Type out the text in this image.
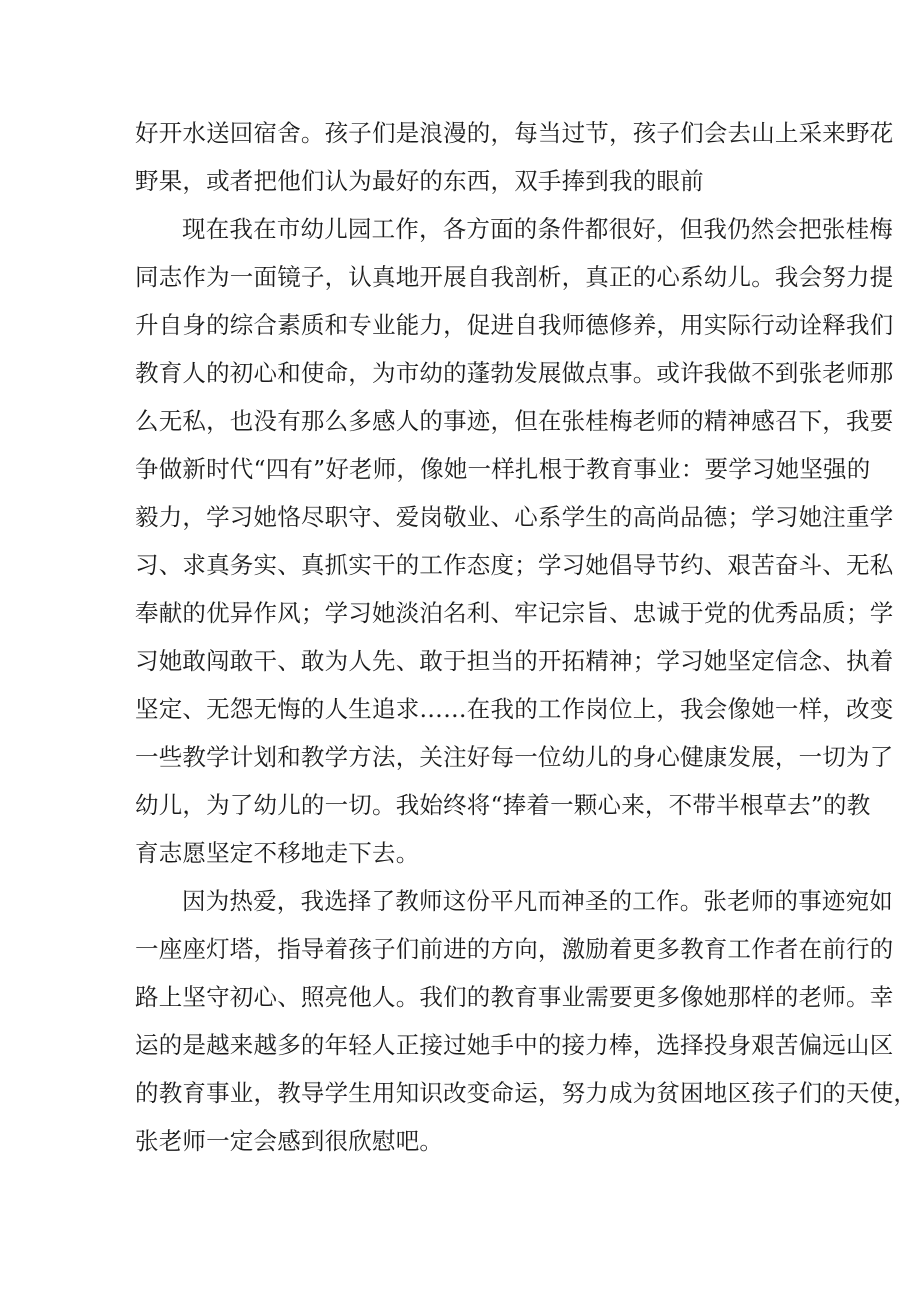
好开水送回宿舍。孩子们是浪漫的，每当过节，孩子们会去山上采来野花
野果，或者把他们认为最好的东西，双手捧到我的眼前
现在我在市幼儿园工作，各方面的条件都很好，但我仍然会把张桂梅
同志作为一面镜子，认真地开展自我剖析，真正的心系幼儿。我会努力提
升自身的综合素质和专业能力，促进自我师德修养，用实际行动诠释我们
教育人的初心和使命，为市幼的蓬勃发展做点事。或许我做不到张老师那
么无私，也没有那么多感人的事迹，但在张桂梅老师的精神感召下，我要
争做新时代“四有”好老师，像她一样扎根于教育事业：要学习她坚强的
毅力，学习她恪尽职守、爱岗敬业、心系学生的高尚品德；学习她注重学
习、求真务实、真抓实干的工作态度；学习她倡导节约、艰苦奋斗、无私
奉献的优异作风；学习她淡泊名利、牢记宗旨、忠诚于党的优秀品质；学
习她敢闯敢干、敢为人先、敢于担当的开拓精神；学习她坚定信念、执着
坚定、无怨无悔的人生追求……在我的工作岗位上，我会像她一样，改变
一些教学计划和教学方法，关注好每一位幼儿的身心健康发展，一切为了
幼儿，为了幼儿的一切。我始终将“捧着一颗心来，不带半根草去”的教
育志愿坚定不移地走下去。
因为热爱，我选择了教师这份平凡而神圣的工作。张老师的事迹宛如
一座座灯塔，指导着孩子们前进的方向，激励着更多教育工作者在前行的
路上坚守初心、照亮他人。我们的教育事业需要更多像她那样的老师。幸
运的是越来越多的年轻人正接过她手中的接力棒，选择投身艰苦偏远山区
的教育事业，教导学生用知识改变命运，努力成为贫困地区孩子们的天使，
张老师一定会感到很欣慰吧。
